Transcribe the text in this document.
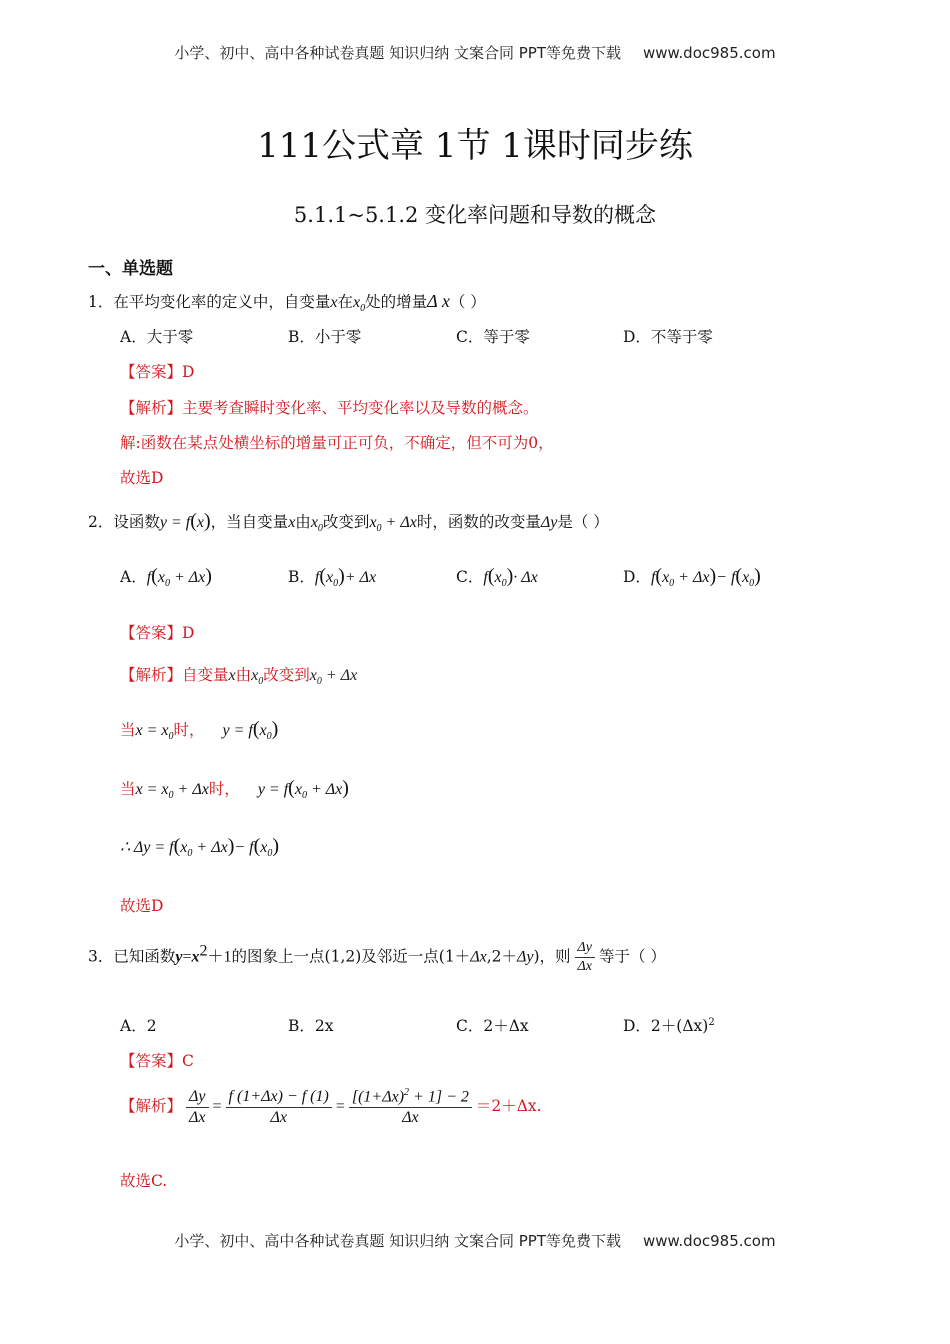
小学、初中、高中各种试卷真题 知识归纳 文案合同 PPT等免费下载 www.doc985.com
111公式章 1节 1课时同步练
5.1.1~5.1.2 变化率问题和导数的概念
一、单选题
1．在平均变化率的定义中，自变量x在$x_0$处的增量Δ x（ ）
A．大于零	B．小于零	C．等于零	D．不等于零
【答案】D
【解析】主要考查瞬时变化率、平均变化率以及导数的概念。
解:函数在某点处横坐标的增量可正可负，不确定，但不可为0，
故选D
2．设函数y = f(x)，当自变量x由$x_0$改变到$x_0 + \Delta x$时，函数的改变量Δy是（ ）
A．$f(x_0 + \Delta x)$	B．$f(x_0)+ \Delta x$	C．$f(x_0)\cdot \Delta x$	D．$f(x_0 + \Delta x)- f(x_0)$
【答案】D
【解析】自变量x由$x_0$改变到$x_0 + \Delta x$
当$x = x_0$时， $y = f(x_0)$
当$x = x_0 + \Delta x$时， $y = f(x_0 + \Delta x)$
∴ $\Delta y = f(x_0 + \Delta x)- f(x_0)$
故选D
3．已知函数$y=x^2+1$的图象上一点(1,2)及邻近一点(1＋Δx,2＋Δy)，则 $\frac{\Delta y}{\Delta x}$ 等于（ ）
A．2	B．2x	C．2＋Δx	D．$2+(\Delta x)^2$
【答案】C
【解析】 $\frac{\Delta y}{\Delta x} = \frac{f (1+\Delta x) - f (1)}{\Delta x} = \frac{[(1+\Delta x)^2 + 1] - 2}{\Delta x} =2+\Delta x$.
故选C.
小学、初中、高中各种试卷真题 知识归纳 文案合同 PPT等免费下载 www.doc985.com
